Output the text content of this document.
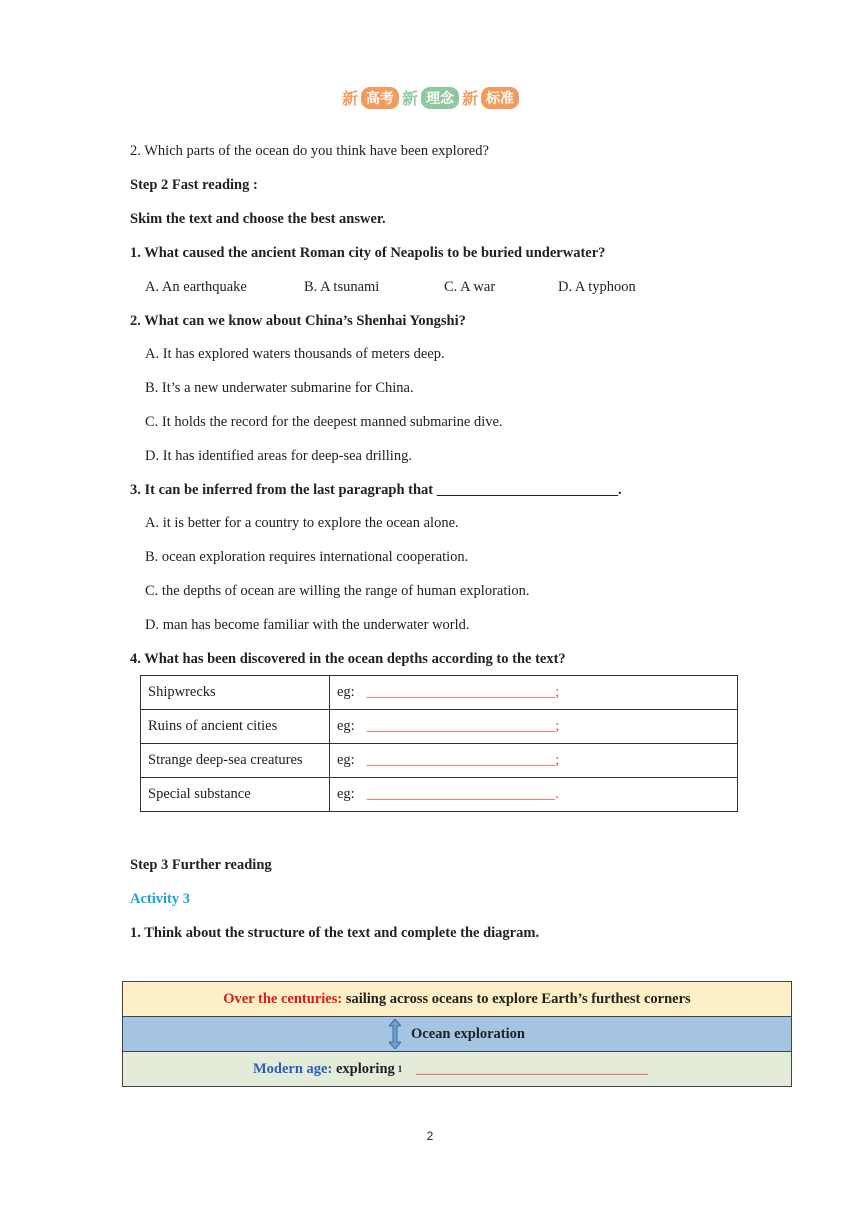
新 高考 新 理念 新 标准
2. Which parts of the ocean do you think have been explored?
Step 2 Fast reading :
Skim the text and choose the best answer.
1. What caused the ancient Roman city of Neapolis to be buried underwater?
A. An earthquake	B. A tsunami	C. A war	D. A typhoon
2. What can we know about China’s Shenhai Yongshi?
A. It has explored waters thousands of meters deep.
B. It’s a new underwater submarine for China.
C. It holds the record for the deepest manned submarine dive.
D. It has identified areas for deep-sea drilling.
3. It can be inferred from the last paragraph that _________________________.
A. it is better for a country to explore the ocean alone.
B. ocean exploration requires international cooperation.
C. the depths of ocean are willing the range of human exploration.
D. man has become familiar with the underwater world.
4. What has been discovered in the ocean depths according to the text?
Shipwrecks	eg: __________________________;
Ruins of ancient cities	eg: __________________________;
Strange deep-sea creatures	eg: __________________________;
Special substance	eg: __________________________.
Step 3 Further reading
Activity 3
1. Think about the structure of the text and complete the diagram.
Over the centuries: sailing across oceans to explore Earth’s furthest corners
Ocean exploration
Modern age: exploring 1 ________________________________
2
